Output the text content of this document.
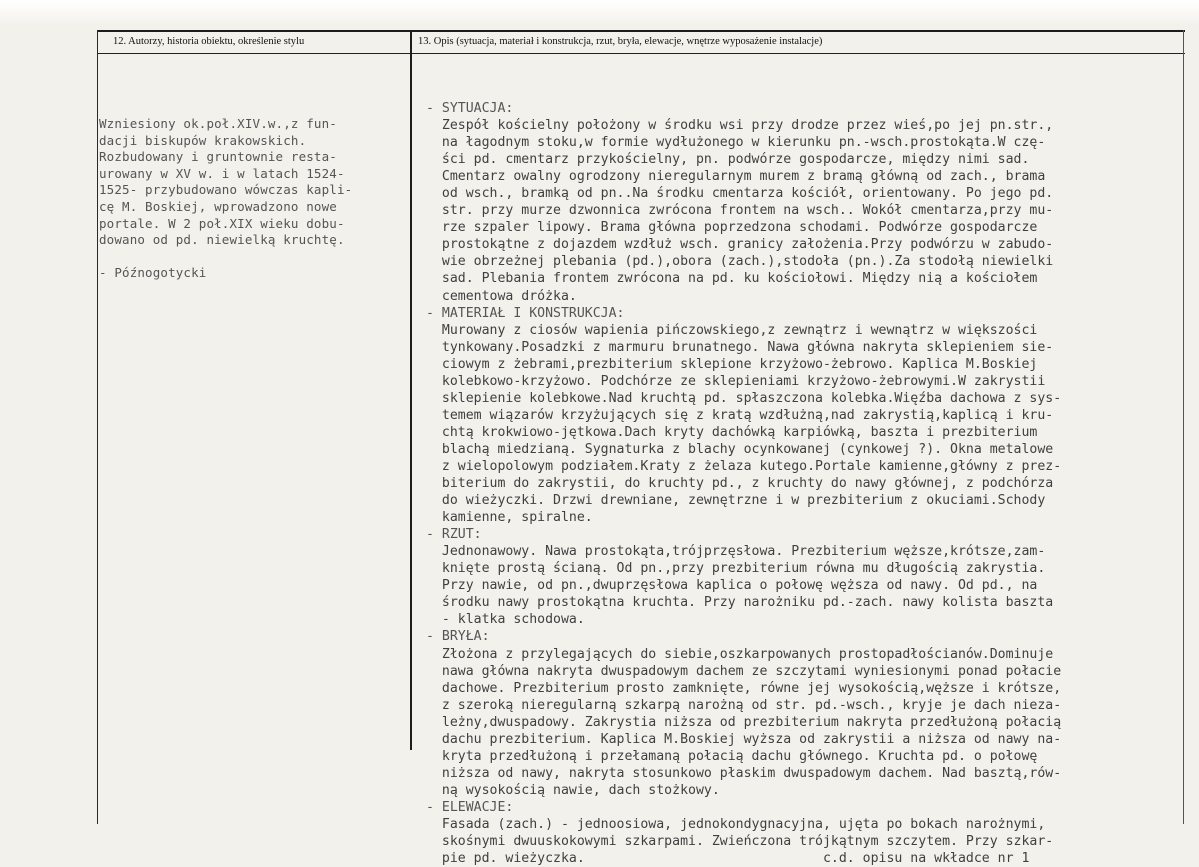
12. Autorzy, historia obiektu, określenie stylu	13. Opis (sytuacja, materiał i konstrukcja, rzut, bryła, elewacje, wnętrze wyposażenie instalacje)
Wzniesiony ok.poł.XIV.w.,z fun-
dacji biskupów krakowskich.
Rozbudowany i gruntownie resta-
urowany w XV w. i w latach 1524-
1525- przybudowano wówczas kapli-
cę M. Boskiej, wprowadzono nowe
portale. W 2 poł.XIX wieku dobu-
dowano od pd. niewielką kruchtę.
- Późnogotycki
- SYTUACJA:
Zespół kościelny położony w środku wsi przy drodze przez wieś,po jej pn.str.,
na łagodnym stoku,w formie wydłużonego w kierunku pn.-wsch.prostokąta.W czę-
ści pd. cmentarz przykościelny, pn. podwórze gospodarcze, między nimi sad.
Cmentarz owalny ogrodzony nieregularnym murem z bramą główną od zach., brama
od wsch., bramką od pn..Na środku cmentarza kościół, orientowany. Po jego pd.
str. przy murze dzwonnica zwrócona frontem na wsch.. Wokół cmentarza,przy mu-
rze szpaler lipowy. Brama główna poprzedzona schodami. Podwórze gospodarcze
prostokątne z dojazdem wzdłuż wsch. granicy założenia.Przy podwórzu w zabudo-
wie obrzeżnej plebania (pd.),obora (zach.),stodoła (pn.).Za stodołą niewielki
sad. Plebania frontem zwrócona na pd. ku kościołowi. Między nią a kościołem
cementowa dróżka.
- MATERIAŁ I KONSTRUKCJA:
Murowany z ciosów wapienia pińczowskiego,z zewnątrz i wewnątrz w większości
tynkowany.Posadzki z marmuru brunatnego. Nawa główna nakryta sklepieniem sie-
ciowym z żebrami,prezbiterium sklepione krzyżowo-żebrowo. Kaplica M.Boskiej
kolebkowo-krzyżowo. Podchórze ze sklepieniami krzyżowo-żebrowymi.W zakrystii
sklepienie kolebkowe.Nad kruchtą pd. spłaszczona kolebka.Więźba dachowa z sys-
temem wiązarów krzyżujących się z kratą wzdłużną,nad zakrystią,kaplicą i kru-
chtą krokwiowo-jętkowa.Dach kryty dachówką karpiówką, baszta i prezbiterium
blachą miedzianą. Sygnaturka z blachy ocynkowanej (cynkowej ?). Okna metalowe
z wielopolowym podziałem.Kraty z żelaza kutego.Portale kamienne,główny z prez-
biterium do zakrystii, do kruchty pd., z kruchty do nawy głównej, z podchórza
do wieżyczki. Drzwi drewniane, zewnętrzne i w prezbiterium z okuciami.Schody
kamienne, spiralne.
- RZUT:
Jednonawowy. Nawa prostokąta,trójprzęsłowa. Prezbiterium węższe,krótsze,zam-
knięte prostą ścianą. Od pn.,przy prezbiterium równa mu długością zakrystia.
Przy nawie, od pn.,dwuprzęsłowa kaplica o połowę węższa od nawy. Od pd., na
środku nawy prostokątna kruchta. Przy narożniku pd.-zach. nawy kolista baszta
- klatka schodowa.
- BRYŁA:
Złożona z przylegających do siebie,oszkarpowanych prostopadłościanów.Dominuje
nawa główna nakryta dwuspadowym dachem ze szczytami wyniesionymi ponad połacie
dachowe. Prezbiterium prosto zamknięte, równe jej wysokością,węższe i krótsze,
z szeroką nieregularną szkarpą narożną od str. pd.-wsch., kryje je dach nieza-
leżny,dwuspadowy. Zakrystia niższa od prezbiterium nakryta przedłużoną połacią
dachu prezbiterium. Kaplica M.Boskiej wyższa od zakrystii a niższa od nawy na-
kryta przedłużoną i przełamaną połacią dachu głównego. Kruchta pd. o połowę
niższa od nawy, nakryta stosunkowo płaskim dwuspadowym dachem. Nad basztą,rów-
ną wysokością nawie, dach stożkowy.
- ELEWACJE:
Fasada (zach.) - jednoosiowa, jednokondygnacyjna, ujęta po bokach narożnymi,
skośnymi dwuuskokowymi szkarpami. Zwieńczona trójkątnym szczytem. Przy szkar-
pie pd. wieżyczka.                              c.d. opisu na wkładce nr 1
